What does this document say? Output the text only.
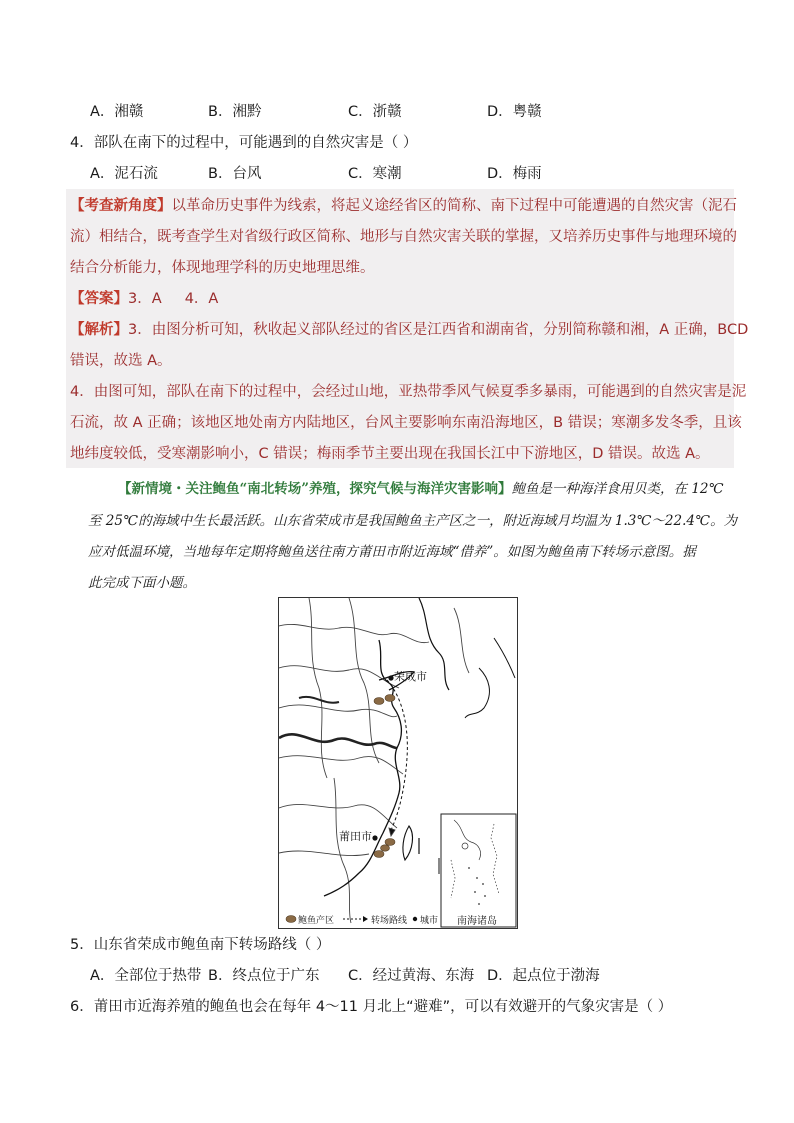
A．湘赣	B．湘黔	C．浙赣	D．粤赣
4．部队在南下的过程中，可能遇到的自然灾害是（ ）
A．泥石流	B．台风	C．寒潮	D．梅雨
【考查新角度】以革命历史事件为线索，将起义途经省区的简称、南下过程中可能遭遇的自然灾害（泥石
流）相结合，既考查学生对省级行政区简称、地形与自然灾害关联的掌握，又培养历史事件与地理环境的
结合分析能力，体现地理学科的历史地理思维。
【答案】3．A     4．A
【解析】3．由图分析可知，秋收起义部队经过的省区是江西省和湖南省，分别简称赣和湘，A 正确，BCD
错误，故选 A。
4．由图可知，部队在南下的过程中，会经过山地，亚热带季风气候夏季多暴雨，可能遇到的自然灾害是泥
石流，故 A 正确；该地区地处南方内陆地区，台风主要影响东南沿海地区，B 错误；寒潮多发冬季，且该
地纬度较低，受寒潮影响小，C 错误；梅雨季节主要出现在我国长江中下游地区，D 错误。故选 A。
【新情境・关注鲍鱼“南北转场”养殖，探究气候与海洋灾害影响】鲍鱼是一种海洋食用贝类，在 12℃
至 25℃的海域中生长最活跃。山东省荣成市是我国鲍鱼主产区之一，附近海域月均温为 1.3℃～22.4℃。为
应对低温环境，当地每年定期将鲍鱼送往南方莆田市附近海域“借养”。如图为鲍鱼南下转场示意图。据
此完成下面小题。
荣成市
莆田市
南海诸岛
鲍鱼产区	转场路线 城市
5．山东省荣成市鲍鱼南下转场路线（ ）
A．全部位于热带 B．终点位于广东 C．经过黄海、东海 D．起点位于渤海
6．莆田市近海养殖的鲍鱼也会在每年 4～11 月北上“避难”，可以有效避开的气象灾害是（ ）
